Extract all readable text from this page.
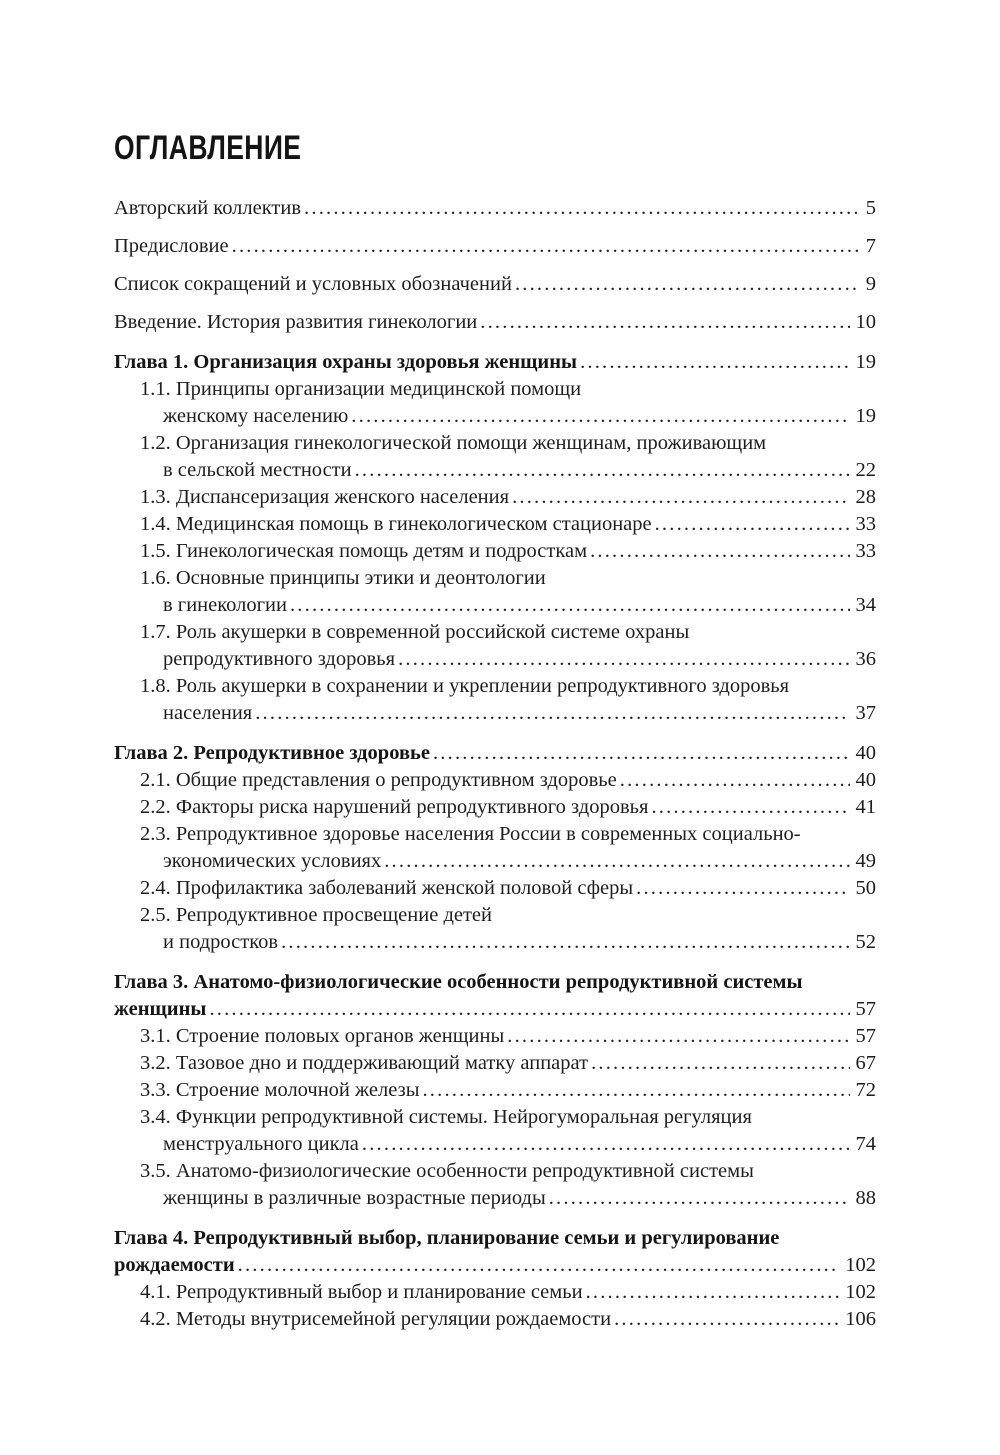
ОГЛАВЛЕНИЕ
Авторский коллектив .....	5
Предисловие .....	7
Список сокращений и условных обозначений .....	9
Введение. История развития гинекологии .....	10
Глава 1. Организация охраны здоровья женщины .....	19
1.1. Принципы организации медицинской помощи
женскому населению .....	19
1.2. Организация гинекологической помощи женщинам, проживающим
в сельской местности .....	22
1.3. Диспансеризация женского населения .....	28
1.4. Медицинская помощь в гинекологическом стационаре .....	33
1.5. Гинекологическая помощь детям и подросткам .....	33
1.6. Основные принципы этики и деонтологии
в гинекологии .....	34
1.7. Роль акушерки в современной российской системе охраны
репродуктивного здоровья .....	36
1.8. Роль акушерки в сохранении и укреплении репродуктивного здоровья
населения .....	37
Глава 2. Репродуктивное здоровье .....	40
2.1. Общие представления о репродуктивном здоровье .....	40
2.2. Факторы риска нарушений репродуктивного здоровья .....	41
2.3. Репродуктивное здоровье населения России в современных социально-
экономических условиях .....	49
2.4. Профилактика заболеваний женской половой сферы .....	50
2.5. Репродуктивное просвещение детей
и подростков .....	52
Глава 3. Анатомо-физиологические особенности репродуктивной системы
женщины .....	57
3.1. Строение половых органов женщины .....	57
3.2. Тазовое дно и поддерживающий матку аппарат .....	67
3.3. Строение молочной железы .....	72
3.4. Функции репродуктивной системы. Нейрогуморальная регуляция
менструального цикла .....	74
3.5. Анатомо-физиологические особенности репродуктивной системы
женщины в различные возрастные периоды .....	88
Глава 4. Репродуктивный выбор, планирование семьи и регулирование
рождаемости .....	102
4.1. Репродуктивный выбор и планирование семьи .....	102
4.2. Методы внутрисемейной регуляции рождаемости .....	106
